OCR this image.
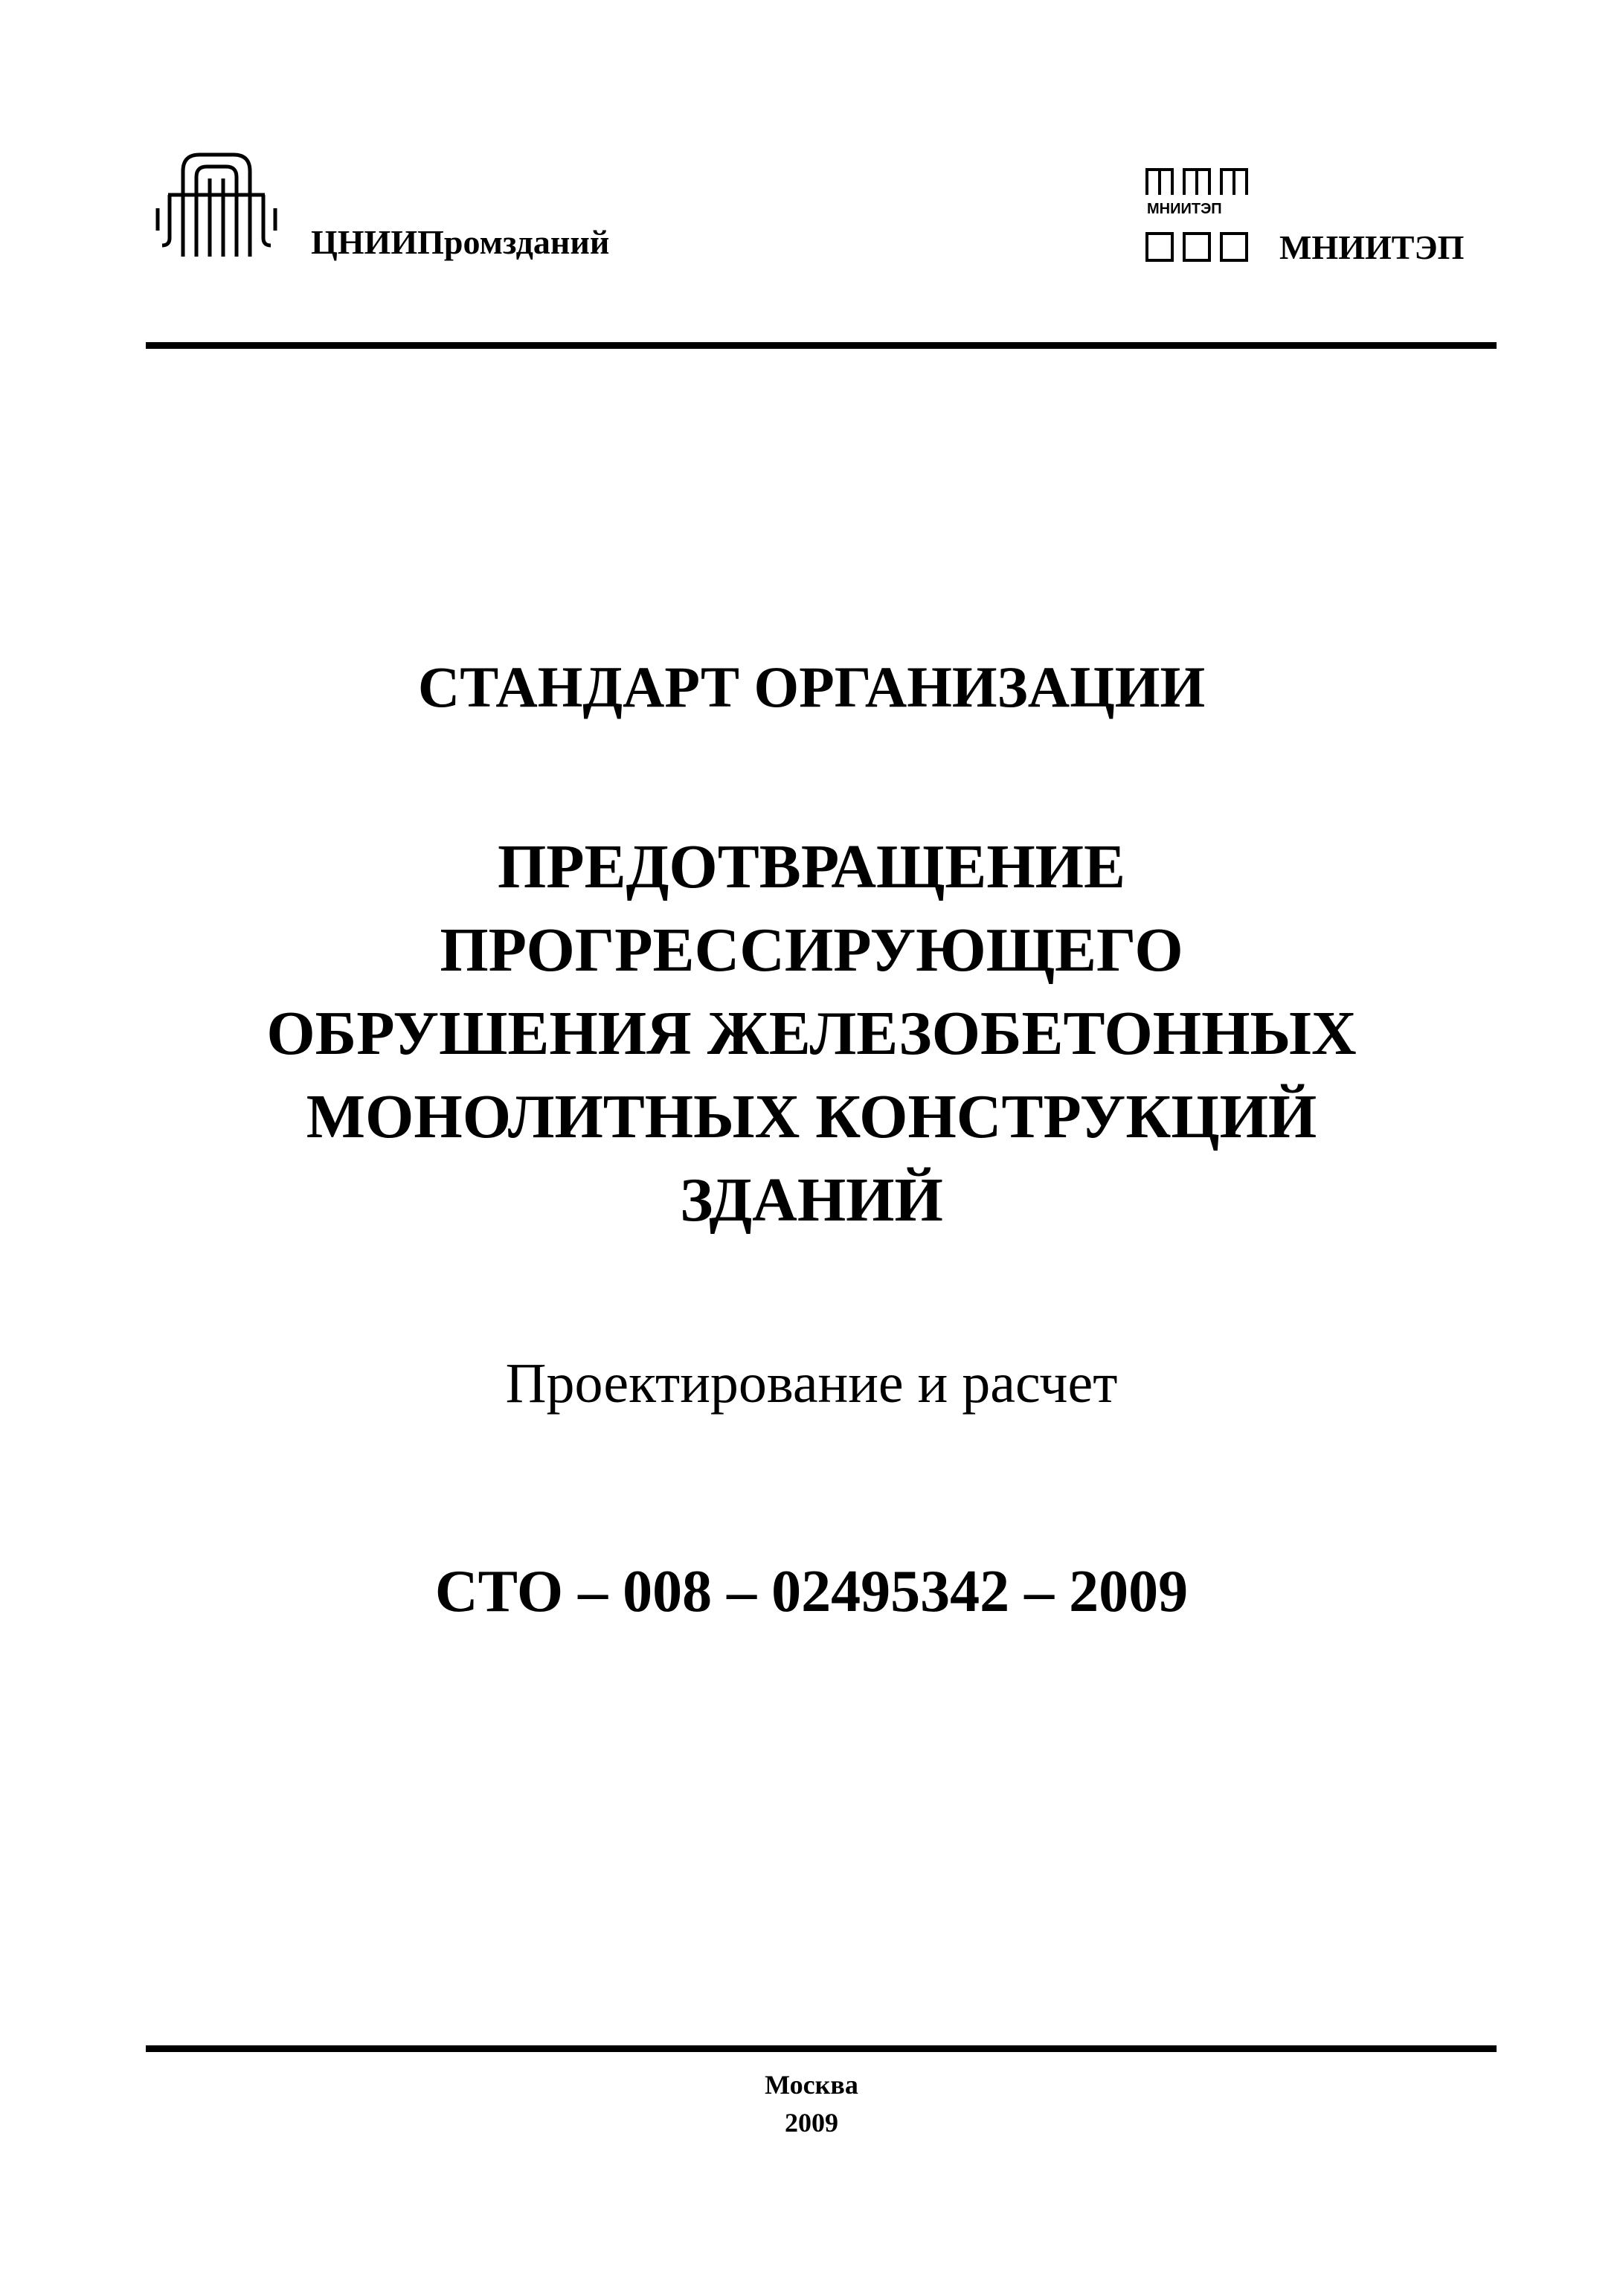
ЦНИИПромзданий
МНИИТЭП
МНИИТЭП
СТАНДАРТ ОРГАНИЗАЦИИ
ПРЕДОТВРАЩЕНИЕ
ПРОГРЕССИРУЮЩЕГО
ОБРУШЕНИЯ ЖЕЛЕЗОБЕТОННЫХ
МОНОЛИТНЫХ КОНСТРУКЦИЙ
ЗДАНИЙ
Проектирование и расчет
СТО – 008 – 02495342 – 2009
Москва
2009
